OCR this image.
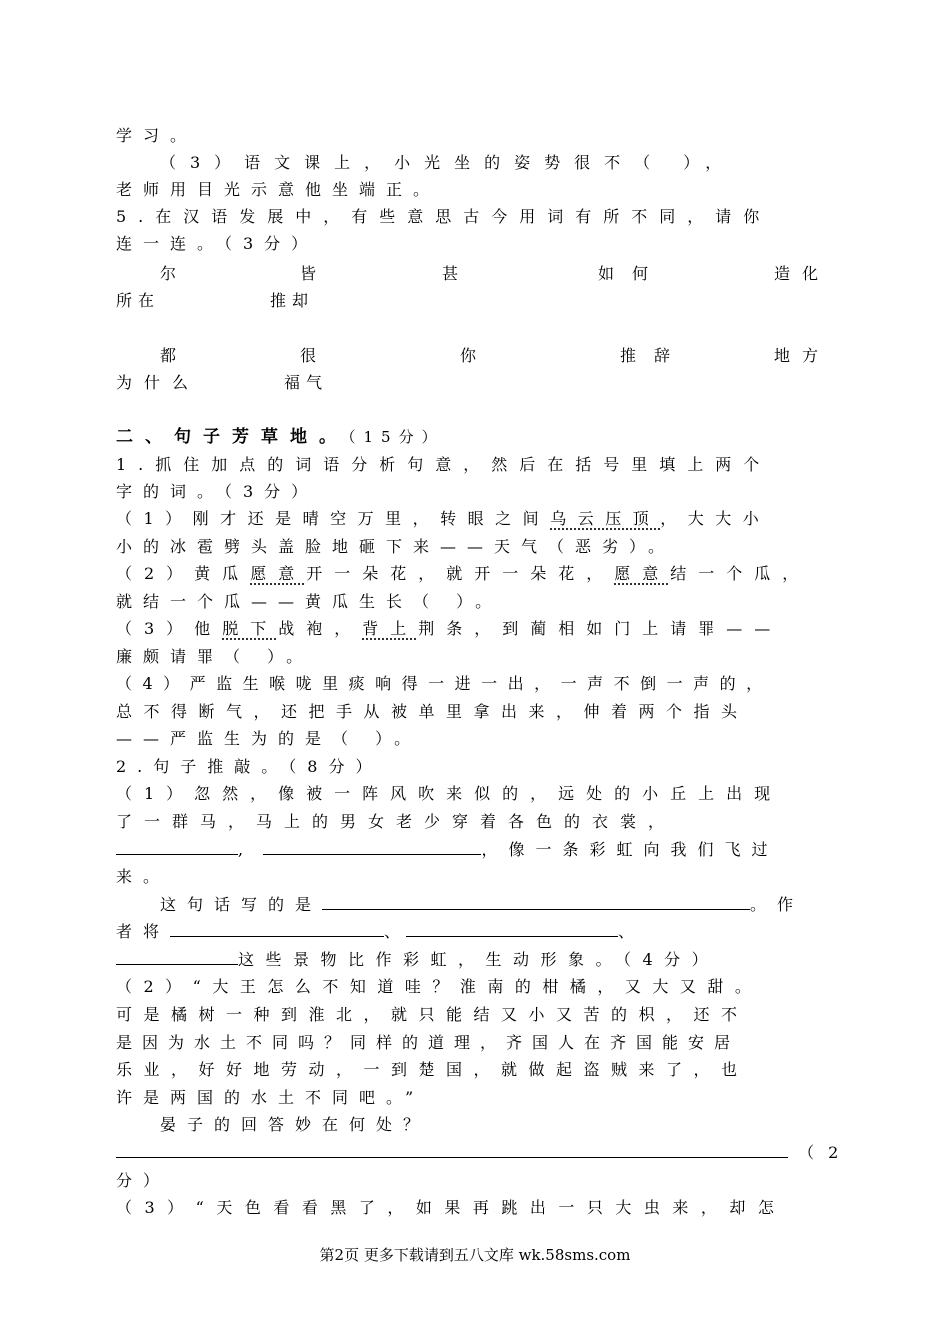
学习。
（3）语文课上，小光坐的姿势很不（ ），
老师用目光示意他坐端正。
5.在汉语发展中，有些意思古今用词有所不同，请你
连一连。（3分）
尔	皆	甚	如何	造化
所在	推却
都	很	你	推辞	地方
为什么	福气
二、句子芳草地。（15分）
1.抓住加点的词语分析句意，然后在括号里填上两个
字的词。（3分）
（1）刚才还是晴空万里，转眼之间乌云压顶，大大小
小的冰雹劈头盖脸地砸下来——天气（恶劣）。
（2）黄瓜愿意开一朵花，就开一朵花，愿意结一个瓜，
就结一个瓜——黄瓜生长（ ）。
（3）他脱下战袍，背上荆条，到蔺相如门上请罪——
廉颇请罪（ ）。
（4）严监生喉咙里痰响得一进一出，一声不倒一声的，
总不得断气，还把手从被单里拿出来，伸着两个指头
——严监生为的是（ ）。
2.句子推敲。（8分）
（1）忽然，像被一阵风吹来似的，远处的小丘上出现
了一群马，马上的男女老少穿着各色的衣裳，
,	，像一条彩虹向我们飞过
来。
这句话写的是	。作
者将	、	、
这些景物比作彩虹，生动形象。（4分）
（2）“大王怎么不知道哇？淮南的柑橘，又大又甜。
可是橘树一种到淮北，就只能结又小又苦的枳，还不
是因为水土不同吗？同样的道理，齐国人在齐国能安居
乐业，好好地劳动，一到楚国，就做起盗贼来了，也
许是两国的水土不同吧。”
晏子的回答妙在何处？
（2
分）
（3）“天色看看黑了，如果再跳出一只大虫来，却怎
第2页 更多下载请到五八文库 wk.58sms.com
